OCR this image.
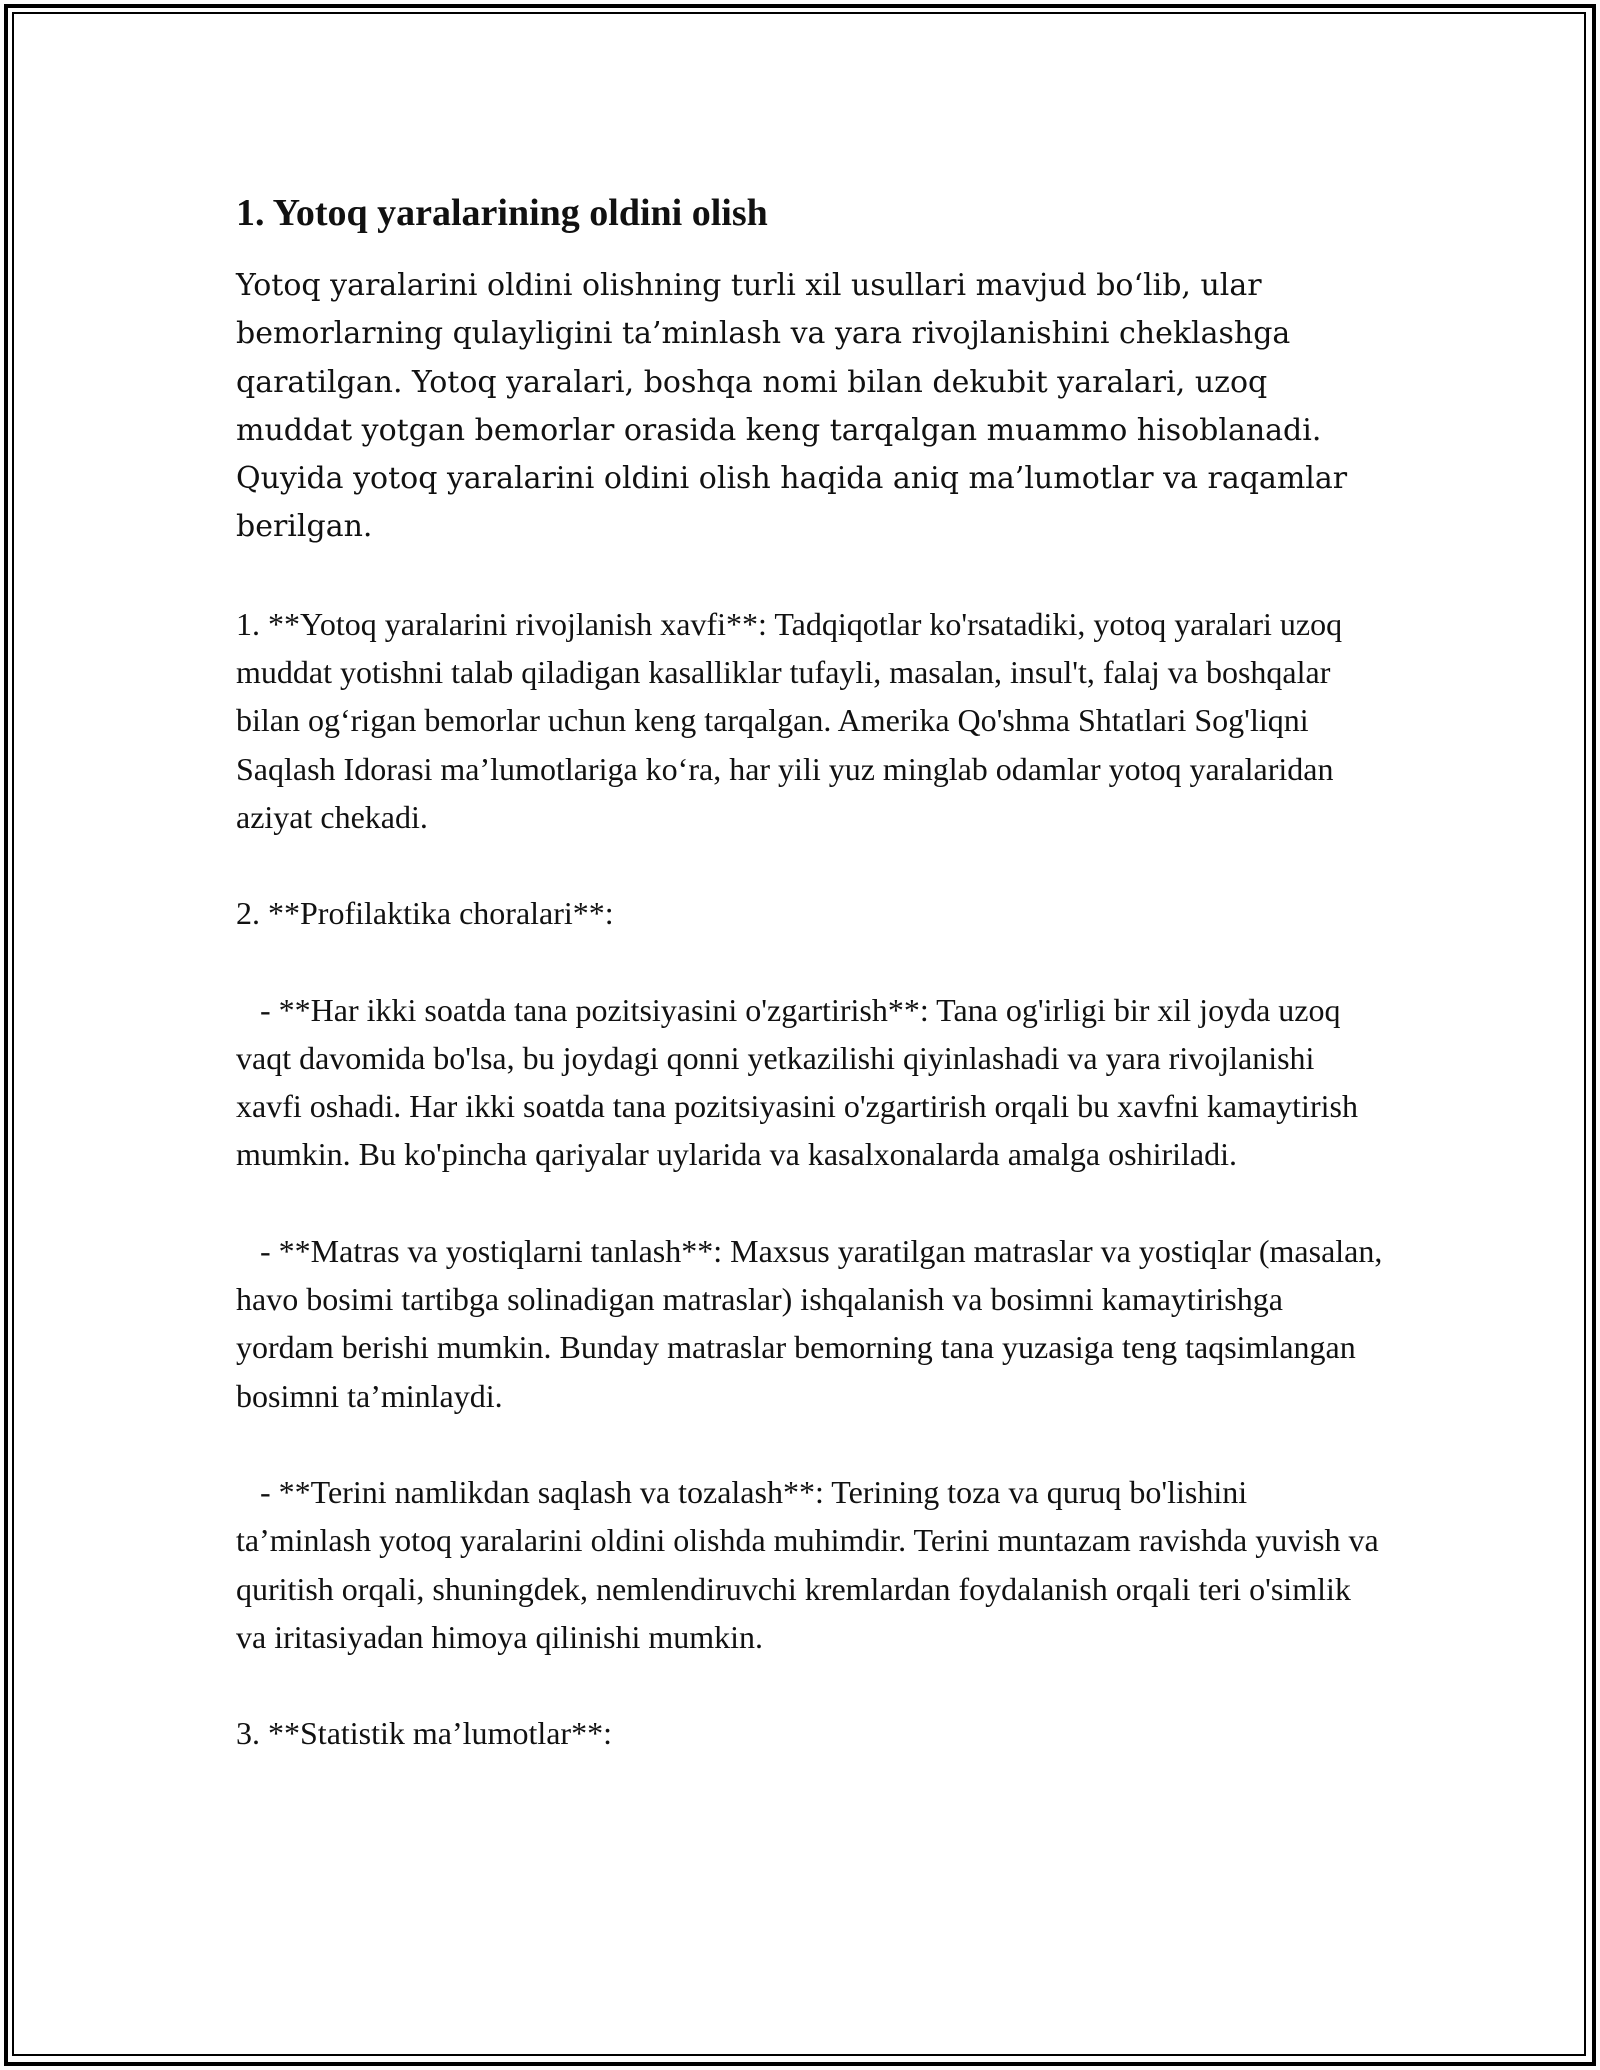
1. Yotoq yaralarining oldini olish

Yotoq yaralarini oldini olishning turli xil usullari mavjud bo‘lib, ular bemorlarning qulayligini ta’minlash va yara rivojlanishini cheklashga qaratilgan. Yotoq yaralari, boshqa nomi bilan dekubit yaralari, uzoq muddat yotgan bemorlar orasida keng tarqalgan muammo hisoblanadi. Quyida yotoq yaralarini oldini olish haqida aniq ma’lumotlar va raqamlar berilgan.

1. **Yotoq yaralarini rivojlanish xavfi**: Tadqiqotlar ko'rsatadiki, yotoq yaralari uzoq muddat yotishni talab qiladigan kasalliklar tufayli, masalan, insul't, falaj va boshqalar bilan og‘rigan bemorlar uchun keng tarqalgan. Amerika Qo'shma Shtatlari Sog'liqni Saqlash Idorasi ma’lumotlariga ko‘ra, har yili yuz minglab odamlar yotoq yaralaridan aziyat chekadi.

2. **Profilaktika choralari**:

- **Har ikki soatda tana pozitsiyasini o'zgartirish**: Tana og'irligi bir xil joyda uzoq vaqt davomida bo'lsa, bu joydagi qonni yetkazilishi qiyinlashadi va yara rivojlanishi xavfi oshadi. Har ikki soatda tana pozitsiyasini o'zgartirish orqali bu xavfni kamaytirish mumkin. Bu ko'pincha qariyalar uylarida va kasalxonalarda amalga oshiriladi.

- **Matras va yostiqlarni tanlash**: Maxsus yaratilgan matraslar va yostiqlar (masalan, havo bosimi tartibga solinadigan matraslar) ishqalanish va bosimni kamaytirishga yordam berishi mumkin. Bunday matraslar bemorning tana yuzasiga teng taqsimlangan bosimni ta’minlaydi.

- **Terini namlikdan saqlash va tozalash**: Terining toza va quruq bo'lishini ta’minlash yotoq yaralarini oldini olishda muhimdir. Terini muntazam ravishda yuvish va quritish orqali, shuningdek, nemlendiruvchi kremlardan foydalanish orqali teri o'simlik va iritasiyadan himoya qilinishi mumkin.

3. **Statistik ma’lumotlar**:
